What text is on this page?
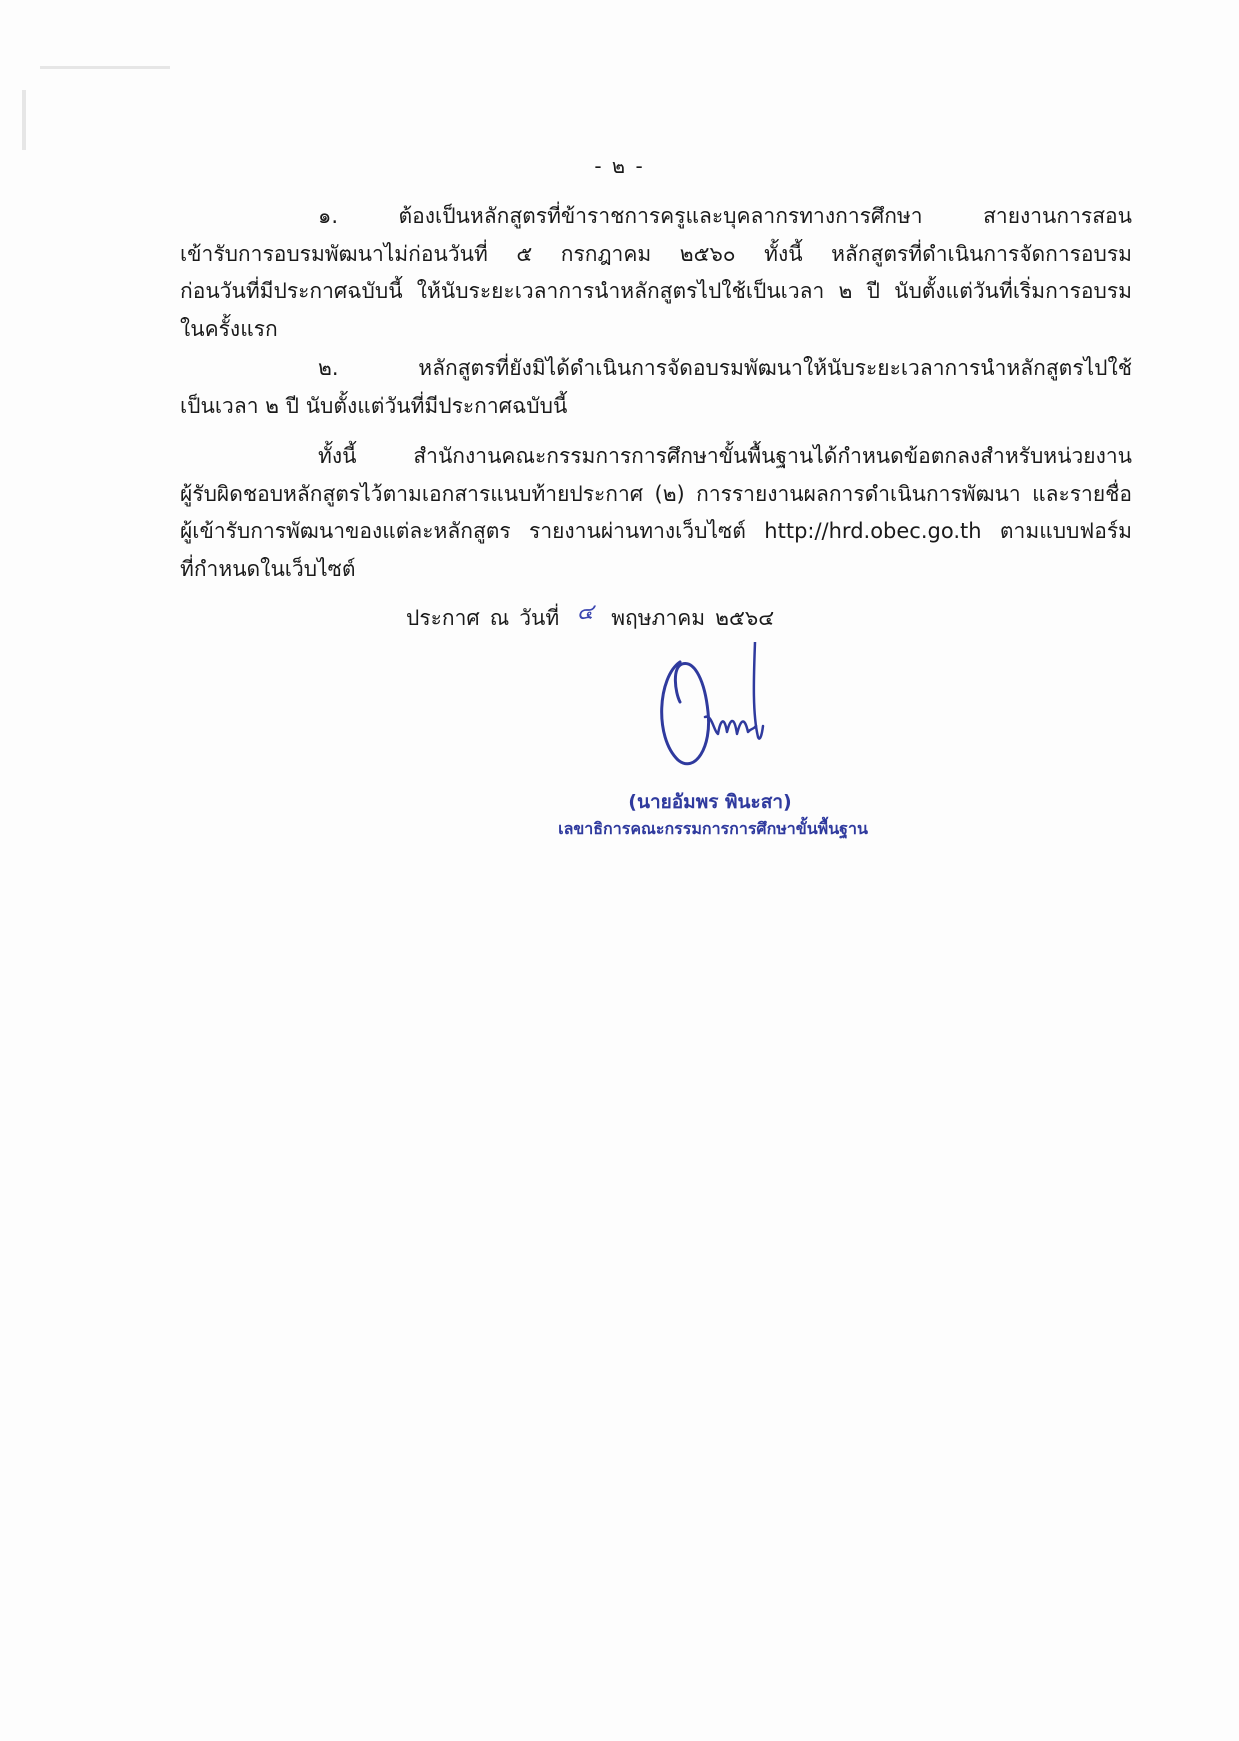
- ๒ -
๑. ต้องเป็นหลักสูตรที่ข้าราชการครูและบุคลากรทางการศึกษา สายงานการสอน
เข้ารับการอบรมพัฒนาไม่ก่อนวันที่ ๕ กรกฎาคม ๒๕๖๐ ทั้งนี้ หลักสูตรที่ดำเนินการจัดการอบรม
ก่อนวันที่มีประกาศฉบับนี้ ให้นับระยะเวลาการนำหลักสูตรไปใช้เป็นเวลา ๒ ปี นับตั้งแต่วันที่เริ่มการอบรม
ในครั้งแรก
๒. หลักสูตรที่ยังมิได้ดำเนินการจัดอบรมพัฒนาให้นับระยะเวลาการนำหลักสูตรไปใช้
เป็นเวลา ๒ ปี นับตั้งแต่วันที่มีประกาศฉบับนี้
ทั้งนี้ สำนักงานคณะกรรมการการศึกษาขั้นพื้นฐานได้กำหนดข้อตกลงสำหรับหน่วยงาน
ผู้รับผิดชอบหลักสูตรไว้ตามเอกสารแนบท้ายประกาศ (๒) การรายงานผลการดำเนินการพัฒนา และรายชื่อ
ผู้เข้ารับการพัฒนาของแต่ละหลักสูตร รายงานผ่านทางเว็บไซต์ http://hrd.obec.go.th ตามแบบฟอร์ม
ที่กำหนดในเว็บไซต์
ประกาศ ณ วันที่ ๔ พฤษภาคม ๒๕๖๔
(นายอัมพร พินะสา)
เลขาธิการคณะกรรมการการศึกษาขั้นพื้นฐาน
